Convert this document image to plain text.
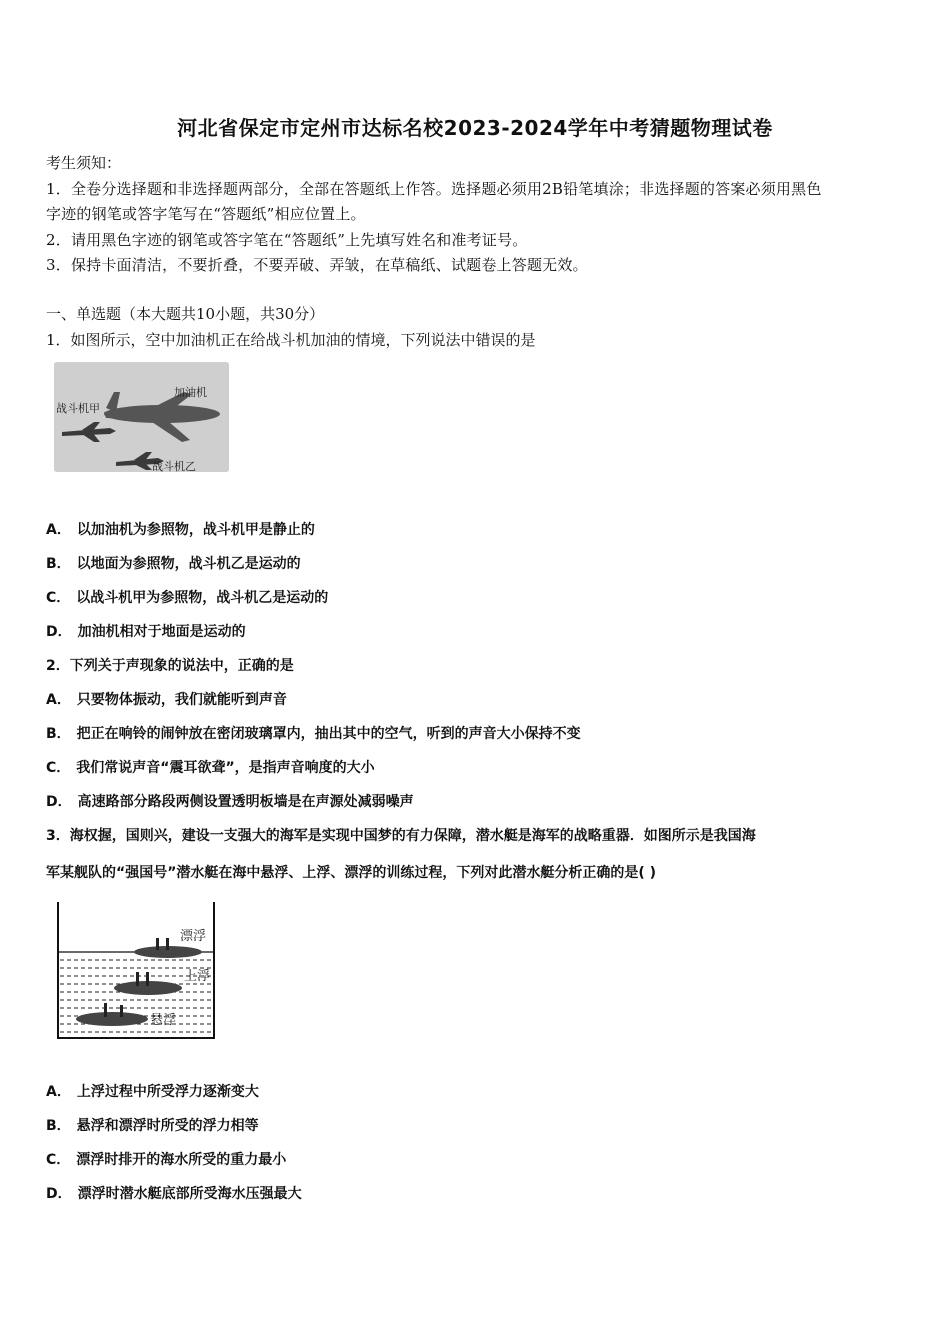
河北省保定市定州市达标名校2023-2024学年中考猜题物理试卷
考生须知：
1．全卷分选择题和非选择题两部分，全部在答题纸上作答。选择题必须用2B铅笔填涂；非选择题的答案必须用黑色
字迹的钢笔或答字笔写在“答题纸”相应位置上。
2．请用黑色字迹的钢笔或答字笔在“答题纸”上先填写姓名和准考证号。
3．保持卡面清洁，不要折叠，不要弄破、弄皱，在草稿纸、试题卷上答题无效。
一、单选题（本大题共10小题，共30分）
1．如图所示，空中加油机正在给战斗机加油的情境，下列说法中错误的是
加油机
战斗机甲
战斗机乙
A． 以加油机为参照物，战斗机甲是静止的
B． 以地面为参照物，战斗机乙是运动的
C． 以战斗机甲为参照物，战斗机乙是运动的
D． 加油机相对于地面是运动的
2．下列关于声现象的说法中，正确的是
A． 只要物体振动，我们就能听到声音
B． 把正在响铃的闹钟放在密闭玻璃罩内，抽出其中的空气，听到的声音大小保持不变
C． 我们常说声音“震耳欲聋”，是指声音响度的大小
D． 高速路部分路段两侧设置透明板墙是在声源处减弱噪声
3．海权握，国则兴，建设一支强大的海军是实现中国梦的有力保障，潜水艇是海军的战略重器．如图所示是我国海
军某舰队的“强国号”潜水艇在海中悬浮、上浮、漂浮的训练过程，下列对此潜水艇分析正确的是( )
漂浮
上浮
悬浮
A． 上浮过程中所受浮力逐渐变大
B． 悬浮和漂浮时所受的浮力相等
C． 漂浮时排开的海水所受的重力最小
D． 漂浮时潜水艇底部所受海水压强最大
